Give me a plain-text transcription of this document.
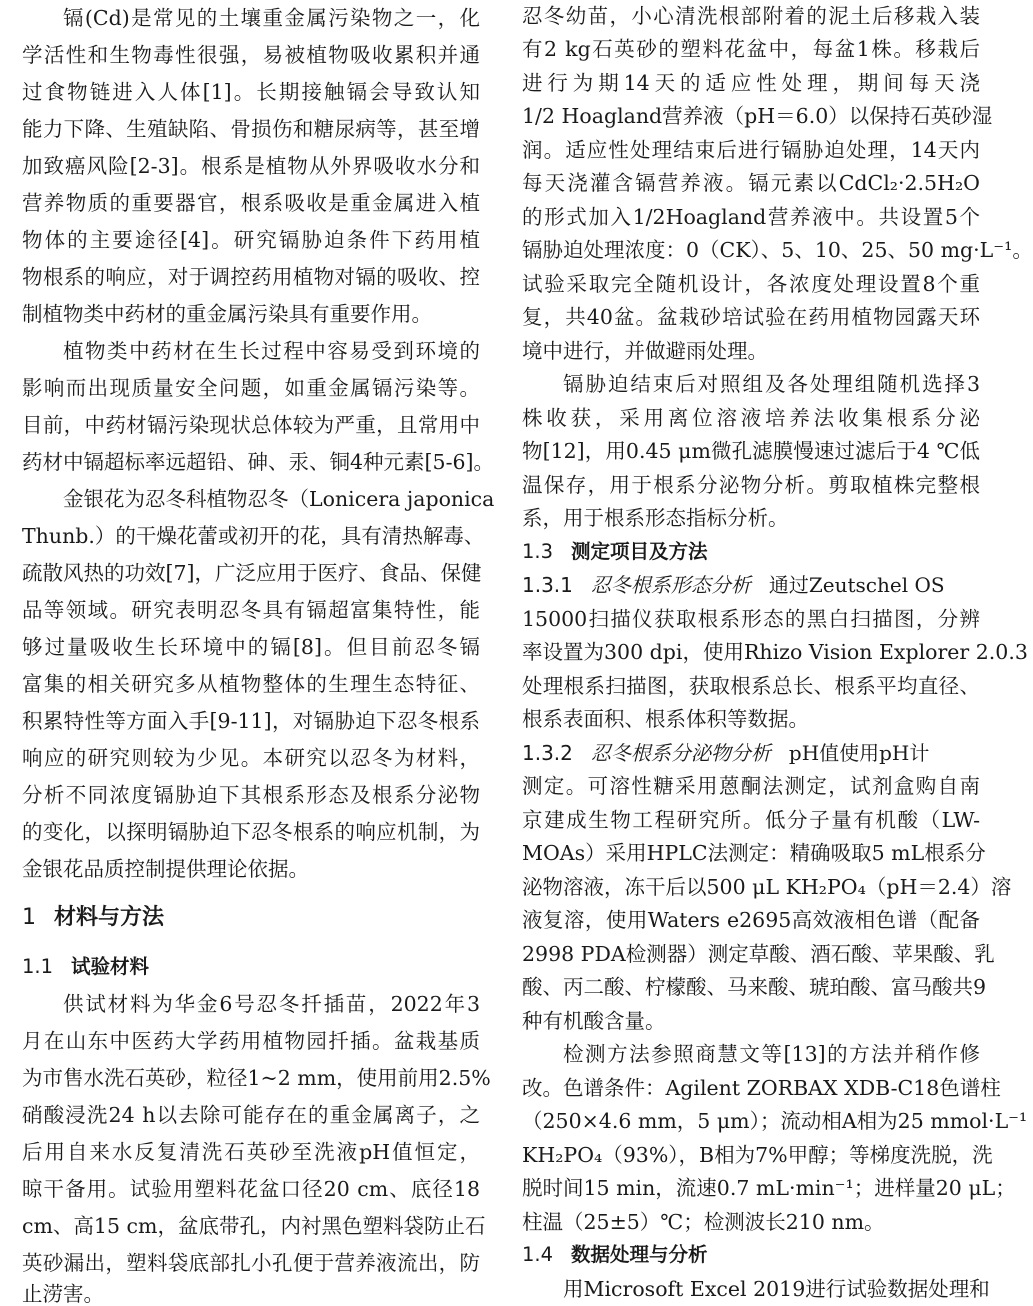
镉(Cd)是常见的土壤重金属污染物之一，化
学活性和生物毒性很强，易被植物吸收累积并通
过食物链进入人体[1]。长期接触镉会导致认知
能力下降、生殖缺陷、骨损伤和糖尿病等，甚至增
加致癌风险[2-3]。根系是植物从外界吸收水分和
营养物质的重要器官，根系吸收是重金属进入植
物体的主要途径[4]。研究镉胁迫条件下药用植
物根系的响应，对于调控药用植物对镉的吸收、控
制植物类中药材的重金属污染具有重要作用。
植物类中药材在生长过程中容易受到环境的
影响而出现质量安全问题，如重金属镉污染等。
目前，中药材镉污染现状总体较为严重，且常用中
药材中镉超标率远超铅、砷、汞、铜4种元素[5-6]。
金银花为忍冬科植物忍冬（Lonicera japonica
Thunb.）的干燥花蕾或初开的花，具有清热解毒、
疏散风热的功效[7]，广泛应用于医疗、食品、保健
品等领域。研究表明忍冬具有镉超富集特性，能
够过量吸收生长环境中的镉[8]。但目前忍冬镉
富集的相关研究多从植物整体的生理生态特征、
积累特性等方面入手[9-11]，对镉胁迫下忍冬根系
响应的研究则较为少见。本研究以忍冬为材料，
分析不同浓度镉胁迫下其根系形态及根系分泌物
的变化，以探明镉胁迫下忍冬根系的响应机制，为
金银花品质控制提供理论依据。
1 材料与方法
1.1 试验材料
供试材料为华金6号忍冬扦插苗，2022年3
月在山东中医药大学药用植物园扦插。盆栽基质
为市售水洗石英砂，粒径1~2 mm，使用前用2.5%
硝酸浸洗24 h以去除可能存在的重金属离子，之
后用自来水反复清洗石英砂至洗液pH值恒定，
晾干备用。试验用塑料花盆口径20 cm、底径18
cm、高15 cm，盆底带孔，内衬黑色塑料袋防止石
英砂漏出，塑料袋底部扎小孔便于营养液流出，防
止涝害。
忍冬幼苗，小心清洗根部附着的泥土后移栽入装
有2 kg石英砂的塑料花盆中，每盆1株。移栽后
进行为期14天的适应性处理，期间每天浇
1/2 Hoagland营养液（pH＝6.0）以保持石英砂湿
润。适应性处理结束后进行镉胁迫处理，14天内
每天浇灌含镉营养液。镉元素以CdCl₂·2.5H₂O
的形式加入1/2Hoagland营养液中。共设置5个
镉胁迫处理浓度：0（CK）、5、10、25、50 mg·L⁻¹。
试验采取完全随机设计，各浓度处理设置8个重
复，共40盆。盆栽砂培试验在药用植物园露天环
境中进行，并做避雨处理。
镉胁迫结束后对照组及各处理组随机选择3
株收获，采用离位溶液培养法收集根系分泌
物[12]，用0.45 μm微孔滤膜慢速过滤后于4 ℃低
温保存，用于根系分泌物分析。剪取植株完整根
系，用于根系形态指标分析。
1.3 测定项目及方法
1.3.1 忍冬根系形态分析 通过Zeutschel OS
15000扫描仪获取根系形态的黑白扫描图，分辨
率设置为300 dpi，使用Rhizo Vision Explorer 2.0.3
处理根系扫描图，获取根系总长、根系平均直径、
根系表面积、根系体积等数据。
1.3.2 忍冬根系分泌物分析 pH值使用pH计
测定。可溶性糖采用蒽酮法测定，试剂盒购自南
京建成生物工程研究所。低分子量有机酸（LW-
MOAs）采用HPLC法测定：精确吸取5 mL根系分
泌物溶液，冻干后以500 μL KH₂PO₄（pH＝2.4）溶
液复溶，使用Waters e2695高效液相色谱（配备
2998 PDA检测器）测定草酸、酒石酸、苹果酸、乳
酸、丙二酸、柠檬酸、马来酸、琥珀酸、富马酸共9
种有机酸含量。
检测方法参照商慧文等[13]的方法并稍作修
改。色谱条件：Agilent ZORBAX XDB-C18色谱柱
（250×4.6 mm，5 μm）；流动相A相为25 mmol·L⁻¹
KH₂PO₄（93%），B相为7%甲醇；等梯度洗脱，洗
脱时间15 min，流速0.7 mL·min⁻¹；进样量20 μL；
柱温（25±5）℃；检测波长210 nm。
1.4 数据处理与分析
用Microsoft Excel 2019进行试验数据处理和
